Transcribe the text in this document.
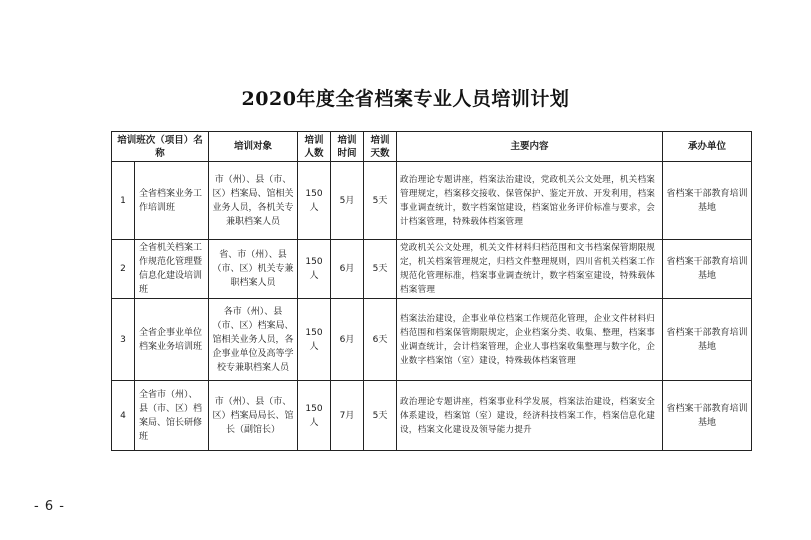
2020年度全省档案专业人员培训计划
培训班次（项目）名称		培训对象	培训人数	培训时间	培训天数	主要内容	承办单位
1	全省档案业务工作培训班	市（州）、县（市、区）档案局、馆相关业务人员，各机关专兼职档案人员	150人	5月	5天	政治理论专题讲座，档案法治建设，党政机关公文处理，机关档案管理规定，档案移交接收、保管保护、鉴定开放、开发利用，档案事业调查统计，数字档案馆建设，档案馆业务评价标准与要求，会计档案管理，特殊载体档案管理	省档案干部教育培训基地
2	全省机关档案工作规范化管理暨信息化建设培训班	省、市（州）、县（市、区）机关专兼职档案人员	150人	6月	5天	党政机关公文处理，机关文件材料归档范围和文书档案保管期限规定，机关档案管理规定，归档文件整理规则，四川省机关档案工作规范化管理标准，档案事业调查统计，数字档案室建设，特殊载体档案管理	省档案干部教育培训基地
3	全省企事业单位档案业务培训班	各市（州）、县（市、区）档案局、馆相关业务人员，各企事业单位及高等学校专兼职档案人员	150人	6月	6天	档案法治建设，企事业单位档案工作规范化管理，企业文件材料归档范围和档案保管期限规定，企业档案分类、收集、整理，档案事业调查统计，会计档案管理，企业人事档案收集整理与数字化，企业数字档案馆（室）建设，特殊载体档案管理	省档案干部教育培训基地
4	全省市（州）、县（市、区）档案局、馆长研修班	市（州）、县（市、区）档案局局长、馆长（副馆长）	150人	7月	5天	政治理论专题讲座，档案事业科学发展，档案法治建设，档案安全体系建设，档案馆（室）建设，经济科技档案工作，档案信息化建设，档案文化建设及领导能力提升	省档案干部教育培训基地
- 6 -
